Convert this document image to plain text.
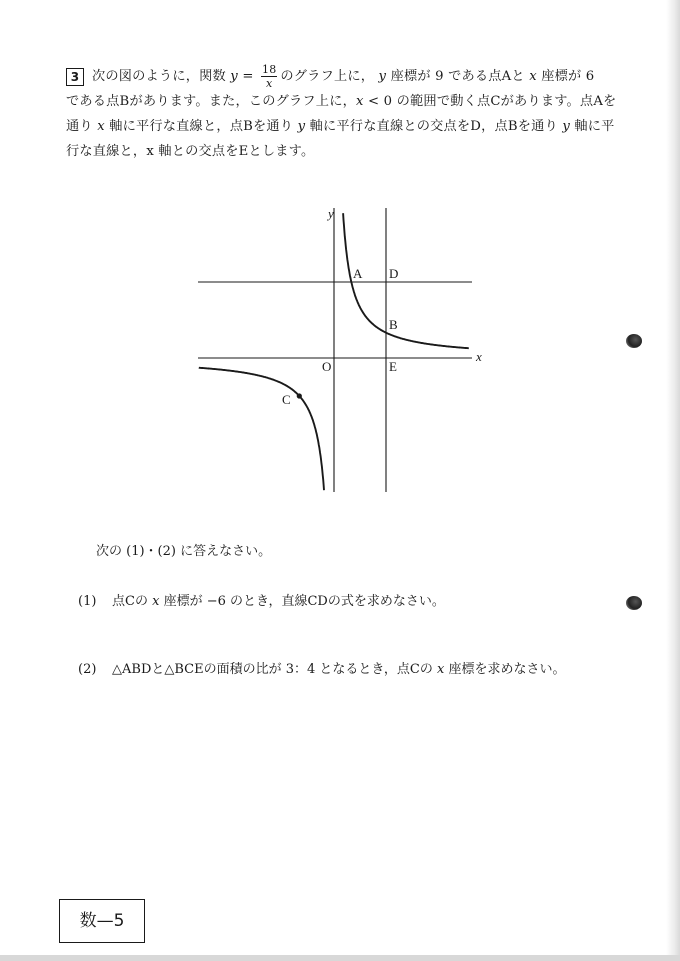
3 次の図のように，関数 $y = \frac{18}{x}$ のグラフ上に， y 座標が 9 である点Aと x 座標が 6
である点Bがあります。また，このグラフ上に，x < 0 の範囲で動く点Cがあります。点Aを
通り x 軸に平行な直線と，点Bを通り y 軸に平行な直線との交点をD，点Bを通り y 軸に平
行な直線と，x 軸との交点をEとします。
y
x
O
A D
B
E
C
次の (1)・(2) に答えなさい。
(1) 点Cの x 座標が −6 のとき，直線CDの式を求めなさい。
(2) △ABDと△BCEの面積の比が 3：4 となるとき，点Cの x 座標を求めなさい。
数—5
